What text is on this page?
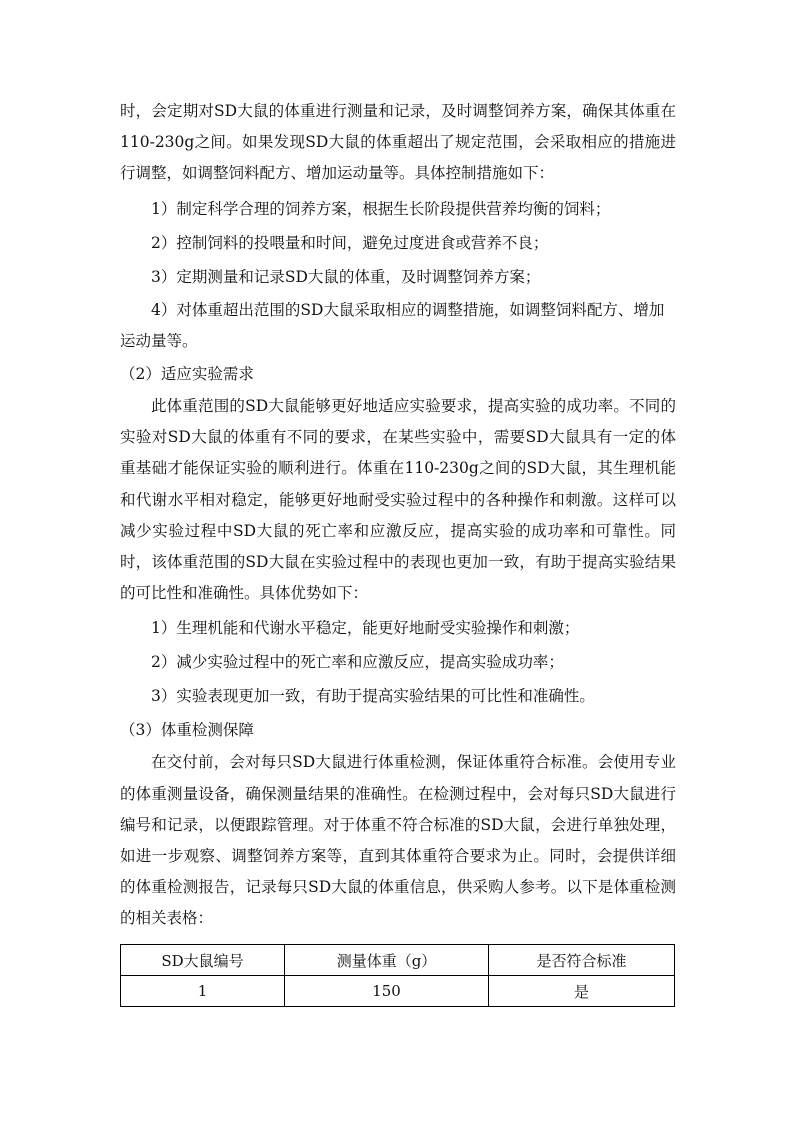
时，会定期对SD大鼠的体重进行测量和记录，及时调整饲养方案，确保其体重在110-230g之间。如果发现SD大鼠的体重超出了规定范围，会采取相应的措施进行调整，如调整饲料配方、增加运动量等。具体控制措施如下：

1）制定科学合理的饲养方案，根据生长阶段提供营养均衡的饲料；

2）控制饲料的投喂量和时间，避免过度进食或营养不良；

3）定期测量和记录SD大鼠的体重，及时调整饲养方案；

4）对体重超出范围的SD大鼠采取相应的调整措施，如调整饲料配方、增加运动量等。

（2）适应实验需求

此体重范围的SD大鼠能够更好地适应实验要求，提高实验的成功率。不同的实验对SD大鼠的体重有不同的要求，在某些实验中，需要SD大鼠具有一定的体重基础才能保证实验的顺利进行。体重在110-230g之间的SD大鼠，其生理机能和代谢水平相对稳定，能够更好地耐受实验过程中的各种操作和刺激。这样可以减少实验过程中SD大鼠的死亡率和应激反应，提高实验的成功率和可靠性。同时，该体重范围的SD大鼠在实验过程中的表现也更加一致，有助于提高实验结果的可比性和准确性。具体优势如下：

1）生理机能和代谢水平稳定，能更好地耐受实验操作和刺激；

2）减少实验过程中的死亡率和应激反应，提高实验成功率；

3）实验表现更加一致，有助于提高实验结果的可比性和准确性。

（3）体重检测保障

在交付前，会对每只SD大鼠进行体重检测，保证体重符合标准。会使用专业的体重测量设备，确保测量结果的准确性。在检测过程中，会对每只SD大鼠进行编号和记录，以便跟踪管理。对于体重不符合标准的SD大鼠，会进行单独处理，如进一步观察、调整饲养方案等，直到其体重符合要求为止。同时，会提供详细的体重检测报告，记录每只SD大鼠的体重信息，供采购人参考。以下是体重检测的相关表格：

SD大鼠编号	测量体重（g）	是否符合标准
1	150	是
